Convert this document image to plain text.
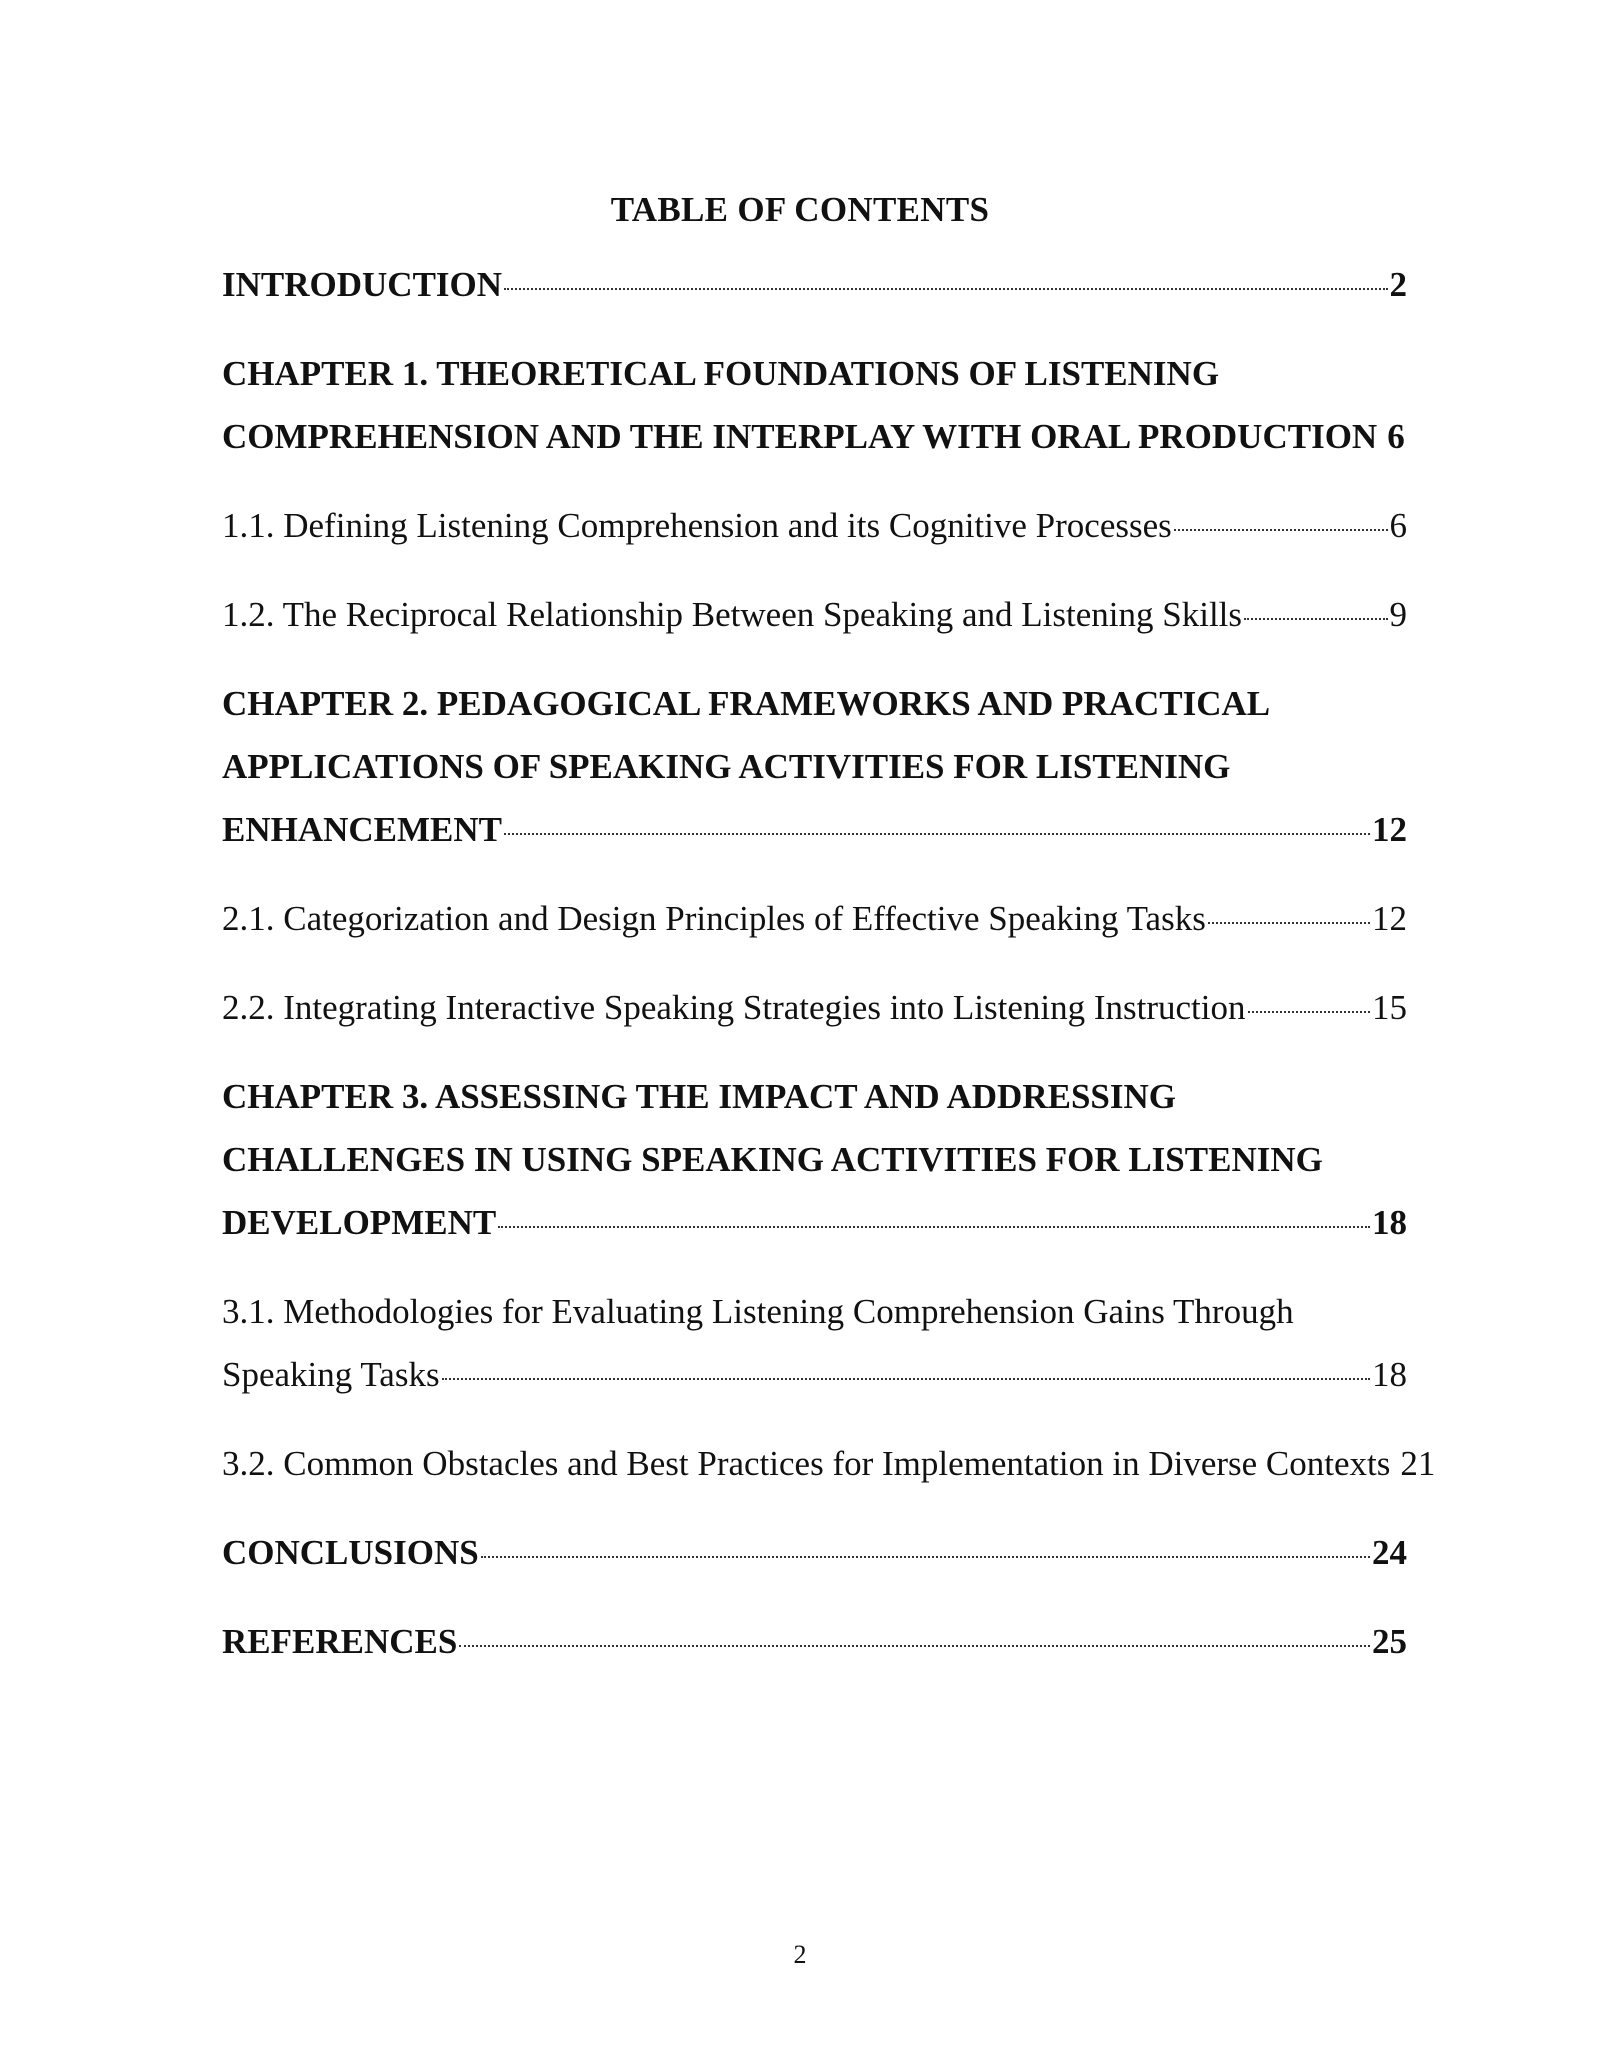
TABLE OF CONTENTS
INTRODUCTION	2
CHAPTER 1. THEORETICAL FOUNDATIONS OF LISTENING
COMPREHENSION AND THE INTERPLAY WITH ORAL PRODUCTION 6
1.1. Defining Listening Comprehension and its Cognitive Processes	6
1.2. The Reciprocal Relationship Between Speaking and Listening Skills	9
CHAPTER 2. PEDAGOGICAL FRAMEWORKS AND PRACTICAL
APPLICATIONS OF SPEAKING ACTIVITIES FOR LISTENING
ENHANCEMENT	12
2.1. Categorization and Design Principles of Effective Speaking Tasks	12
2.2. Integrating Interactive Speaking Strategies into Listening Instruction	15
CHAPTER 3. ASSESSING THE IMPACT AND ADDRESSING
CHALLENGES IN USING SPEAKING ACTIVITIES FOR LISTENING
DEVELOPMENT	18
3.1. Methodologies for Evaluating Listening Comprehension Gains Through
Speaking Tasks	18
3.2. Common Obstacles and Best Practices for Implementation in Diverse Contexts 21
CONCLUSIONS	24
REFERENCES	25
2
